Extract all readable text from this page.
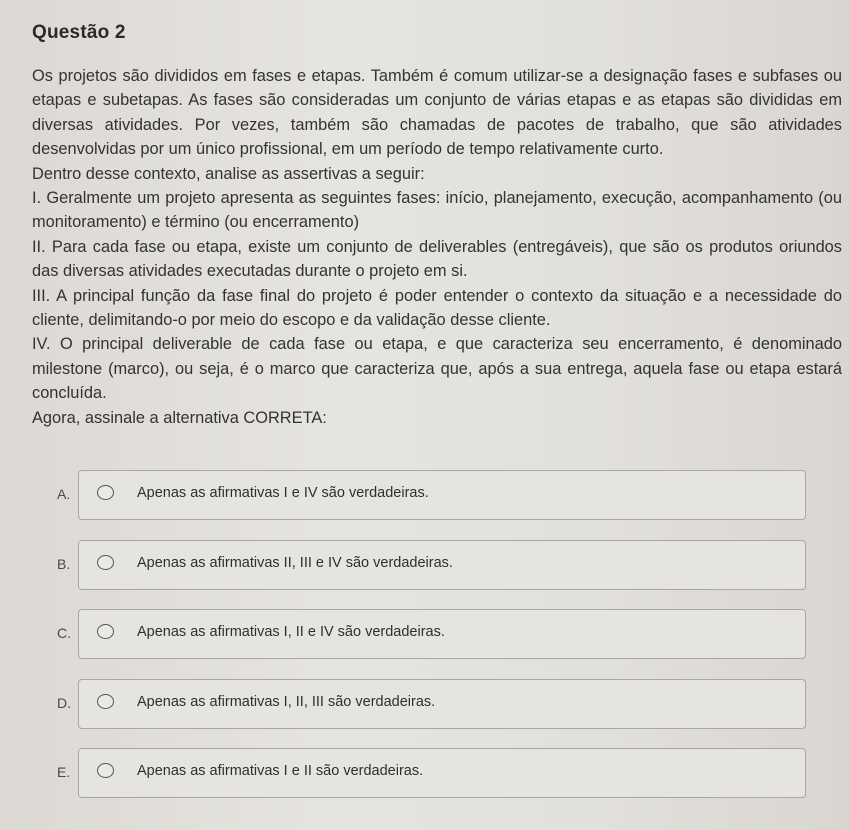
Questão 2

Os projetos são divididos em fases e etapas. Também é comum utilizar-se a designação fases e subfases ou etapas e subetapas. As fases são consideradas um conjunto de várias etapas e as etapas são divididas em diversas atividades. Por vezes, também são chamadas de pacotes de trabalho, que são atividades desenvolvidas por um único profissional, em um período de tempo relativamente curto.

Dentro desse contexto, analise as assertivas a seguir:

I. Geralmente um projeto apresenta as seguintes fases: início, planejamento, execução, acompanhamento (ou monitoramento) e término (ou encerramento)

II. Para cada fase ou etapa, existe um conjunto de deliverables (entregáveis), que são os produtos oriundos das diversas atividades executadas durante o projeto em si.

III. A principal função da fase final do projeto é poder entender o contexto da situação e a necessidade do cliente, delimitando-o por meio do escopo e da validação desse cliente.

IV. O principal deliverable de cada fase ou etapa, e que caracteriza seu encerramento, é denominado milestone (marco), ou seja, é o marco que caracteriza que, após a sua entrega, aquela fase ou etapa estará concluída.

Agora, assinale a alternativa CORRETA:

A.	Apenas as afirmativas I e IV são verdadeiras.
B.	Apenas as afirmativas II, III e IV são verdadeiras.
C.	Apenas as afirmativas I, II e IV são verdadeiras.
D.	Apenas as afirmativas I, II, III são verdadeiras.
E.	Apenas as afirmativas I e II são verdadeiras.
